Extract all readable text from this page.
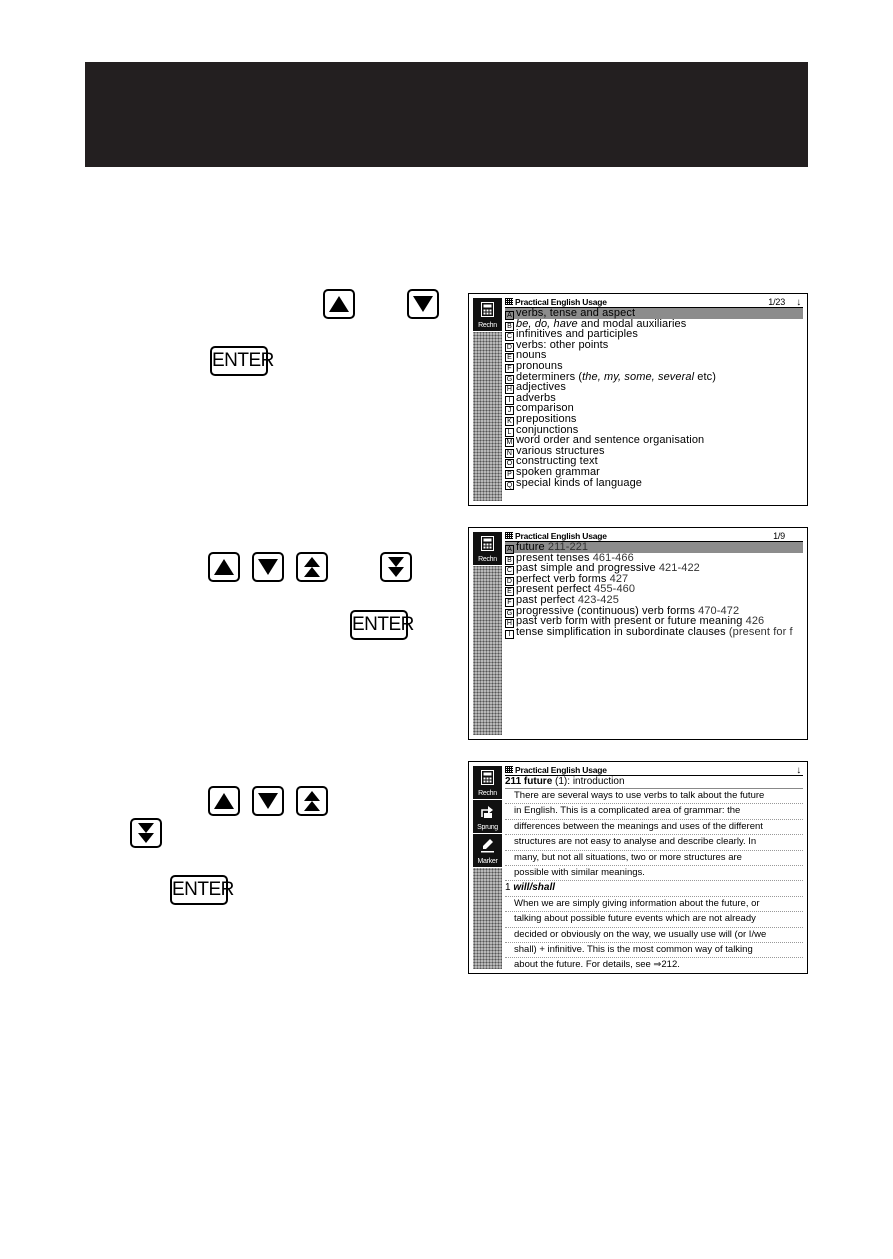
ENTER
ENTER
ENTER
Rechn
Practical English Usage	1/23 ↓
A verbs, tense and aspect
B be, do, have and modal auxiliaries
C infinitives and participles
D verbs: other points
E nouns
F pronouns
G determiners (the, my, some, several etc)
H adjectives
I adverbs
J comparison
K prepositions
L conjunctions
M word order and sentence organisation
N various structures
O constructing text
P spoken grammar
Q special kinds of language
Rechn
Practical English Usage	1/9
A future 211-221
B present tenses 461-466
C past simple and progressive 421-422
D perfect verb forms 427
E present perfect 455-460
F past perfect 423-425
G progressive (continuous) verb forms 470-472
H past verb form with present or future meaning 426
I tense simplification in subordinate clauses (present for f
Rechn
Sprung
Marker
Practical English Usage	↓
211 future (1): introduction
There are several ways to use verbs to talk about the future
in English. This is a complicated area of grammar: the
differences between the meanings and uses of the different
structures are not easy to analyse and describe clearly. In
many, but not all situations, two or more structures are
possible with similar meanings.
1 will/shall
When we are simply giving information about the future, or
talking about possible future events which are not already
decided or obviously on the way, we usually use will (or I/we
shall) + infinitive. This is the most common way of talking
about the future. For details, see ⇒212.
